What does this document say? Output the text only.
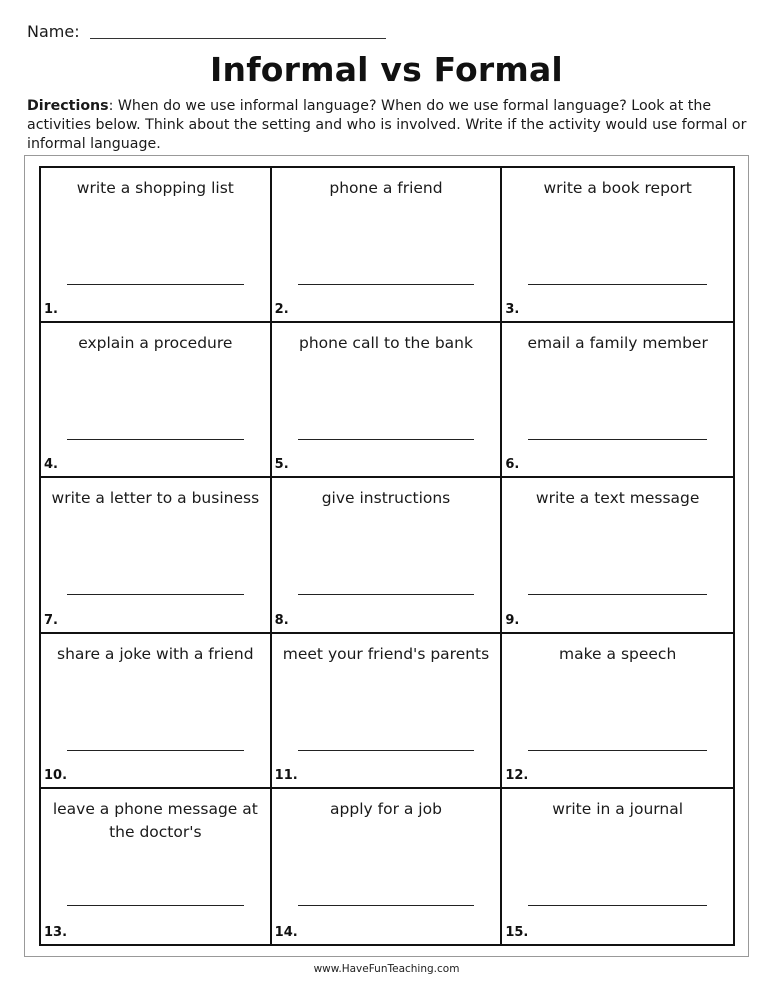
Name:
Informal vs Formal
Directions: When do we use informal language? When do we use formal language? Look at the activities below. Think about the setting and who is involved. Write if the activity would use formal or informal language.
write a shopping list
1.
phone a friend
2.
write a book report
3.
explain a procedure
4.
phone call to the bank
5.
email a family member
6.
write a letter to a business
7.
give instructions
8.
write a text message
9.
share a joke with a friend
10.
meet your friend's parents
11.
make a speech
12.
leave a phone message at the doctor's
13.
apply for a job
14.
write in a journal
15.
www.HaveFunTeaching.com
